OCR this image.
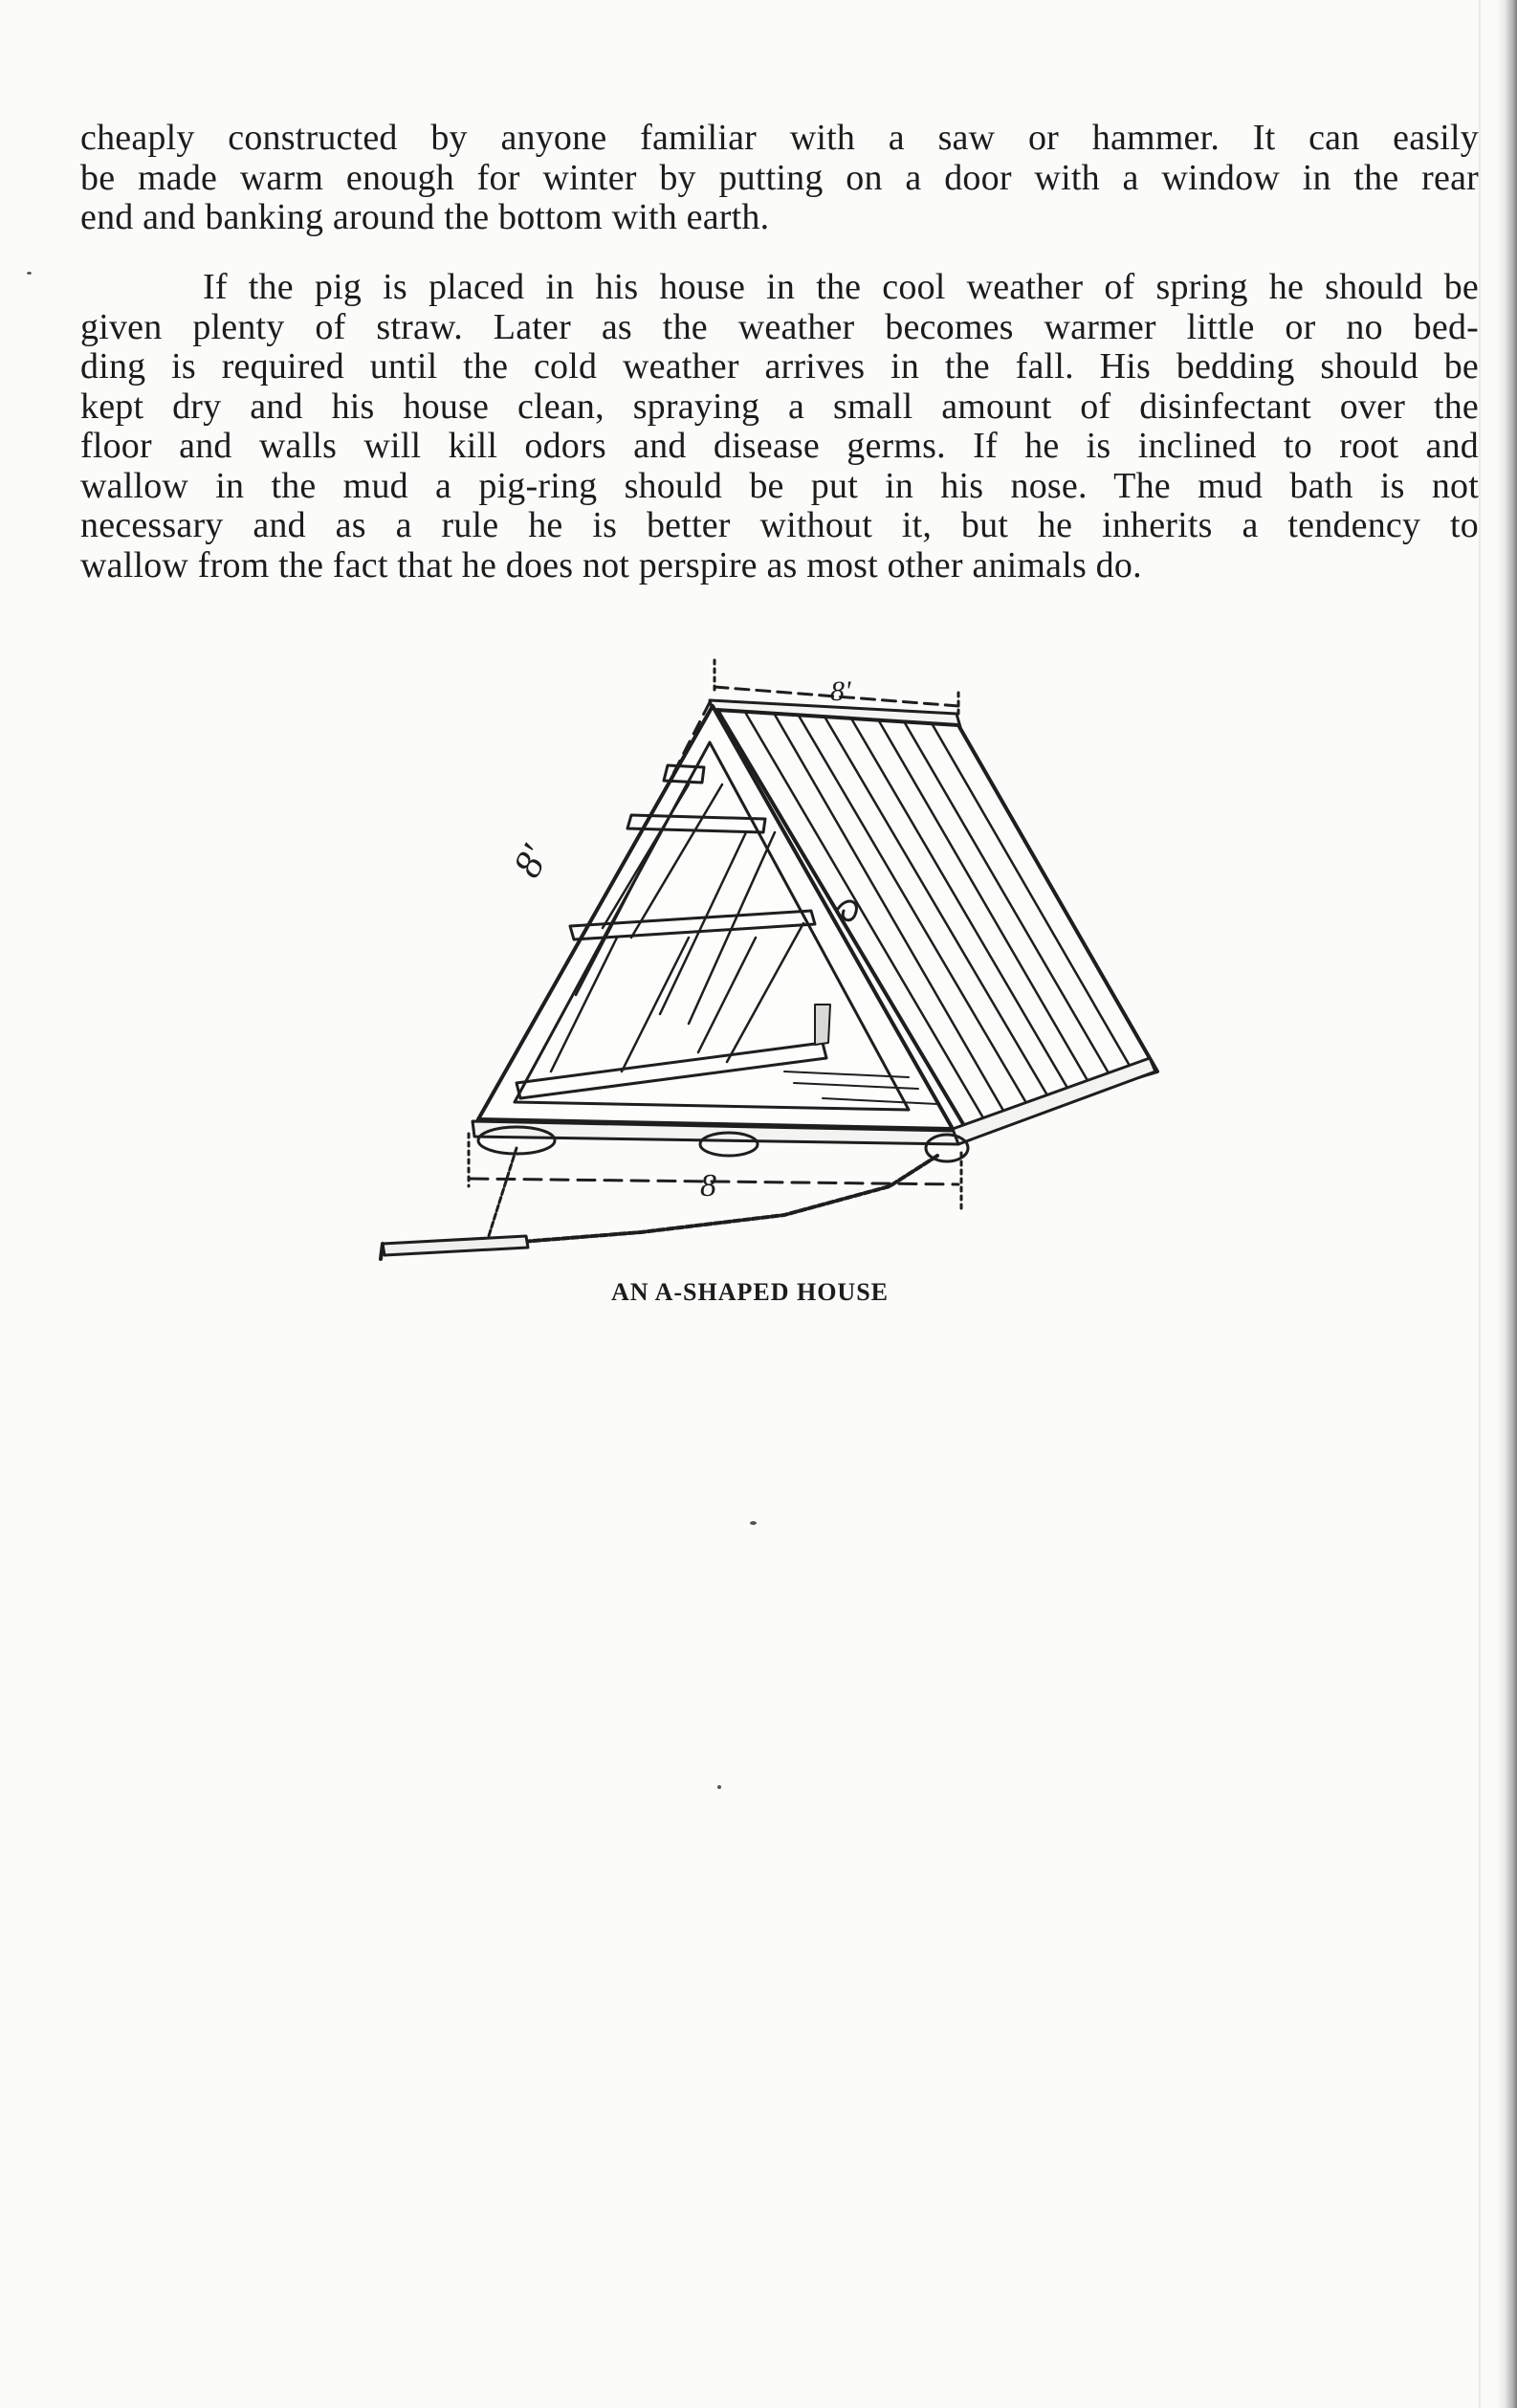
cheaply constructed by anyone familiar with a saw or hammer. It can easily
be made warm enough for winter by putting on a door with a window in the rear
end and banking around the bottom with earth.

If the pig is placed in his house in the cool weather of spring he should be
given plenty of straw. Later as the weather becomes warmer little or no bed-
ding is required until the cold weather arrives in the fall. His bedding should be
kept dry and his house clean, spraying a small amount of disinfectant over the
floor and walls will kill odors and disease germs. If he is inclined to root and
wallow in the mud a pig-ring should be put in his nose. The mud bath is not
necessary and as a rule he is better without it, but he inherits a tendency to
wallow from the fact that he does not perspire as most other animals do.

8'
8'
8
AN A-SHAPED HOUSE
